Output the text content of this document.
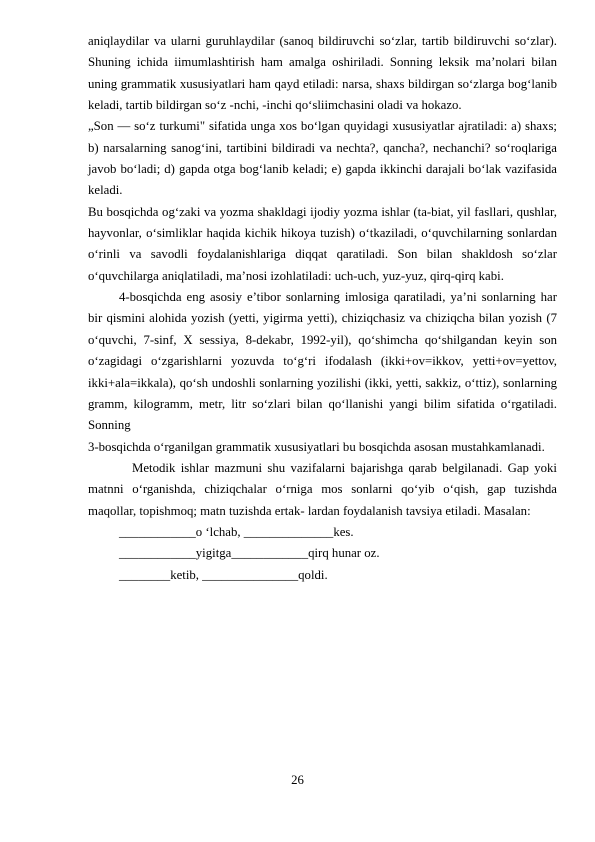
aniqlaydilar va ularni guruhlaydilar (sanoq bildiruvchi so‘zlar, tartib bildiruvchi so‘zlar). Shuning ichida iimumlashtirish ham amalga oshiriladi. Sonning leksik ma’nolari bilan uning grammatik xususiyatlari ham qayd etiladi: narsa, shaxs bildirgan so‘zlarga bog‘lanib keladi, tartib bildirgan so‘z -nchi, -inchi qo‘sliimchasini oladi va hokazo.

„Son — so‘z turkumi" sifatida unga xos bo‘lgan quyidagi xususiyatlar ajratiladi: a) shaxs; b) narsalarning sanog‘ini, tartibini bildiradi va nechta?, qancha?, nechanchi? so‘roqlariga javob bo‘ladi; d) gapda otga bog‘lanib keladi; e) gapda ikkinchi darajali bo‘lak vazifasida keladi.

Bu bosqichda og‘zaki va yozma shakldagi ijodiy yozma ishlar (ta-biat, yil fasllari, qushlar, hayvonlar, o‘simliklar haqida kichik hikoya tuzish) o‘tkaziladi, o‘quvchilarning sonlardan o‘rinli va savodli foydalanishlariga diqqat qaratiladi. Son bilan shakldosh so‘zlar o‘quvchilarga aniqlatiladi, ma’nosi izohlatiladi: uch-uch, yuz-yuz, qirq-qirq kabi.

4-bosqichda eng asosiy e’tibor sonlarning imlosiga qaratiladi, ya’ni sonlarning har bir qismini alohida yozish (yetti, yigirma yetti), chiziqchasiz va chiziqcha bilan yozish (7 o‘quvchi, 7-sinf, X sessiya, 8-dekabr, 1992-yil), qo‘shimcha qo‘shilgandan keyin son o‘zagidagi o‘zgarishlarni yozuvda to‘g‘ri ifodalash (ikki+ov=ikkov, yetti+ov=yettov, ikki+ala=ikkala), qo‘sh undoshli sonlarning yozilishi (ikki, yetti, sakkiz, o‘ttiz), sonlarning gramm, kilogramm, metr, litr so‘zlari bilan qo‘llanishi yangi bilim sifatida o‘rgatiladi. Sonning

3-bosqichda o‘rganilgan grammatik xususiyatlari bu bosqichda asosan mustahkamlanadi.

Metodik ishlar mazmuni shu vazifalarni bajarishga qarab belgilanadi. Gap yoki matnni o‘rganishda, chiziqchalar o‘rniga mos sonlarni qo‘yib o‘qish, gap tuzishda maqollar, topishmoq; matn tuzishda ertak- lardan foydalanish tavsiya etiladi. Masalan:

____________o ‘lchab, ______________kes.
____________yigitga____________qirq hunar oz.
________ketib, _______________qoldi.
26
